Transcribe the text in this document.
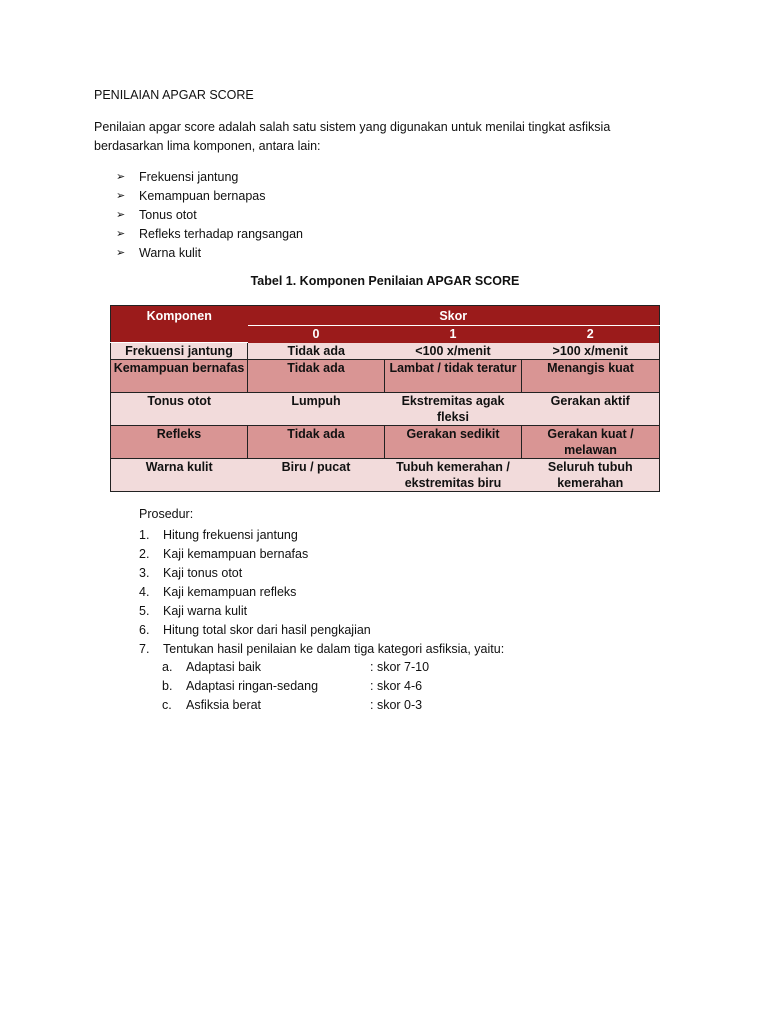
PENILAIAN APGAR SCORE
Penilaian apgar score adalah salah satu sistem yang digunakan untuk menilai tingkat asfiksia
berdasarkan lima komponen, antara lain:
➢ Frekuensi jantung
➢ Kemampuan bernapas
➢ Tonus otot
➢ Refleks terhadap rangsangan
➢ Warna kulit
Tabel 1. Komponen Penilaian APGAR SCORE
Komponen	Skor		
	0	1	2
Frekuensi jantung	Tidak ada	<100 x/menit	>100 x/menit
Kemampuan bernafas	Tidak ada	Lambat / tidak teratur	Menangis kuat
Tonus otot	Lumpuh	Ekstremitas agak fleksi	Gerakan aktif
Refleks	Tidak ada	Gerakan sedikit	Gerakan kuat / melawan
Warna kulit	Biru / pucat	Tubuh kemerahan / ekstremitas biru	Seluruh tubuh kemerahan
Prosedur:
1. Hitung frekuensi jantung
2. Kaji kemampuan bernafas
3. Kaji tonus otot
4. Kaji kemampuan refleks
5. Kaji warna kulit
6. Hitung total skor dari hasil pengkajian
7. Tentukan hasil penilaian ke dalam tiga kategori asfiksia, yaitu:
a. Adaptasi baik	: skor 7-10
b. Adaptasi ringan-sedang	: skor 4-6
c. Asfiksia berat	: skor 0-3
